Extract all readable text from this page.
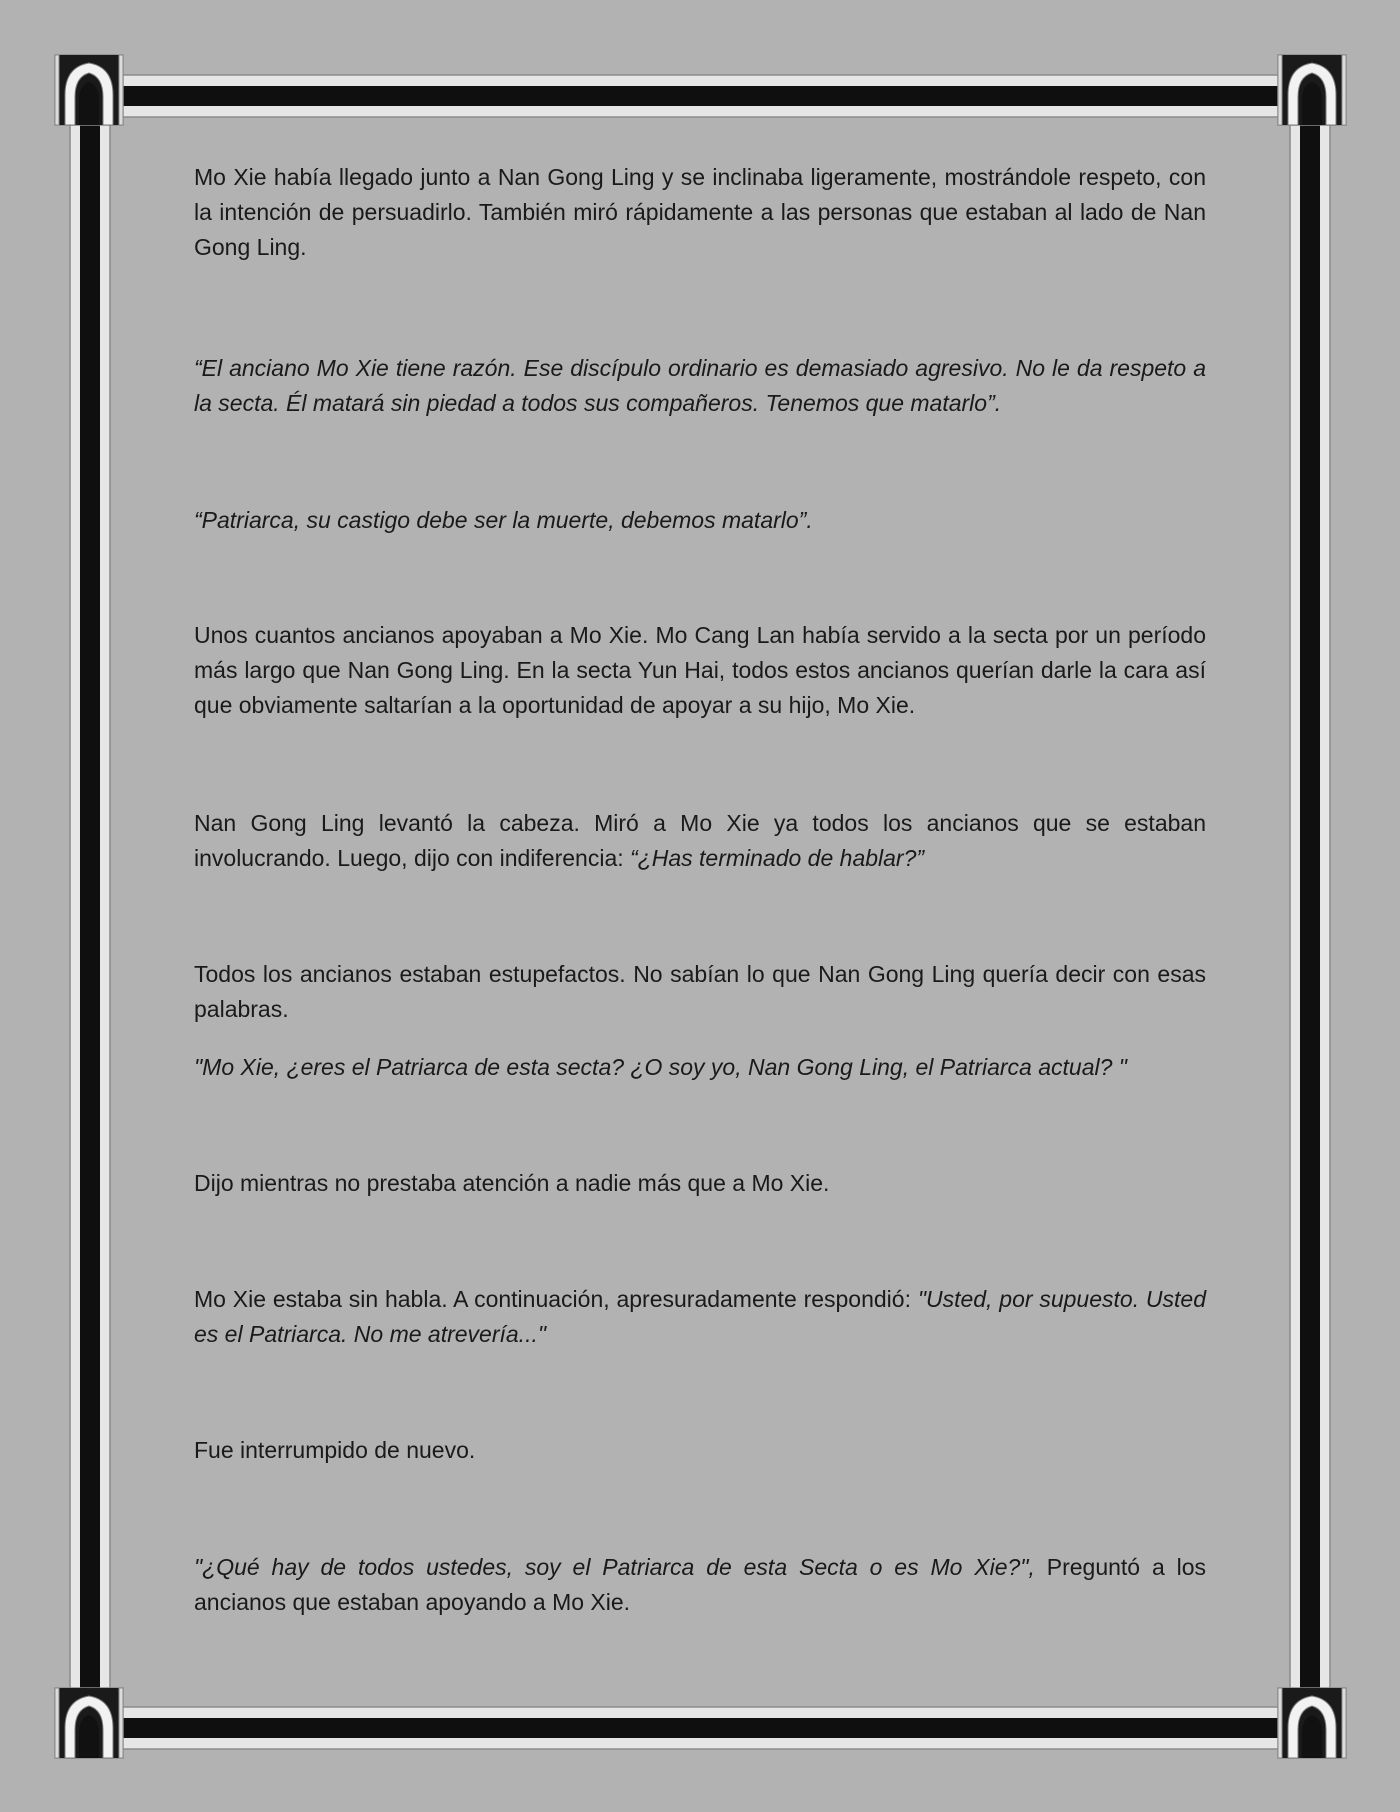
Mo Xie había llegado junto a Nan Gong Ling y se inclinaba ligeramente, mostrándole respeto, con la intención de persuadirlo. También miró rápidamente a las personas que estaban al lado de Nan Gong Ling.

“El anciano Mo Xie tiene razón. Ese discípulo ordinario es demasiado agresivo. No le da respeto a la secta. Él matará sin piedad a todos sus compañeros. Tenemos que matarlo”.

“Patriarca, su castigo debe ser la muerte, debemos matarlo”.

Unos cuantos ancianos apoyaban a Mo Xie. Mo Cang Lan había servido a la secta por un período más largo que Nan Gong Ling. En la secta Yun Hai, todos estos ancianos querían darle la cara así que obviamente saltarían a la oportunidad de apoyar a su hijo, Mo Xie.

Nan Gong Ling levantó la cabeza. Miró a Mo Xie ya todos los ancianos que se estaban involucrando. Luego, dijo con indiferencia: “¿Has terminado de hablar?”

Todos los ancianos estaban estupefactos. No sabían lo que Nan Gong Ling quería decir con esas palabras.

"Mo Xie, ¿eres el Patriarca de esta secta? ¿O soy yo, Nan Gong Ling, el Patriarca actual? "

Dijo mientras no prestaba atención a nadie más que a Mo Xie.

Mo Xie estaba sin habla. A continuación, apresuradamente respondió: "Usted, por supuesto. Usted es el Patriarca. No me atrevería..."

Fue interrumpido de nuevo.

"¿Qué hay de todos ustedes, soy el Patriarca de esta Secta o es Mo Xie?", Preguntó a los ancianos que estaban apoyando a Mo Xie.
